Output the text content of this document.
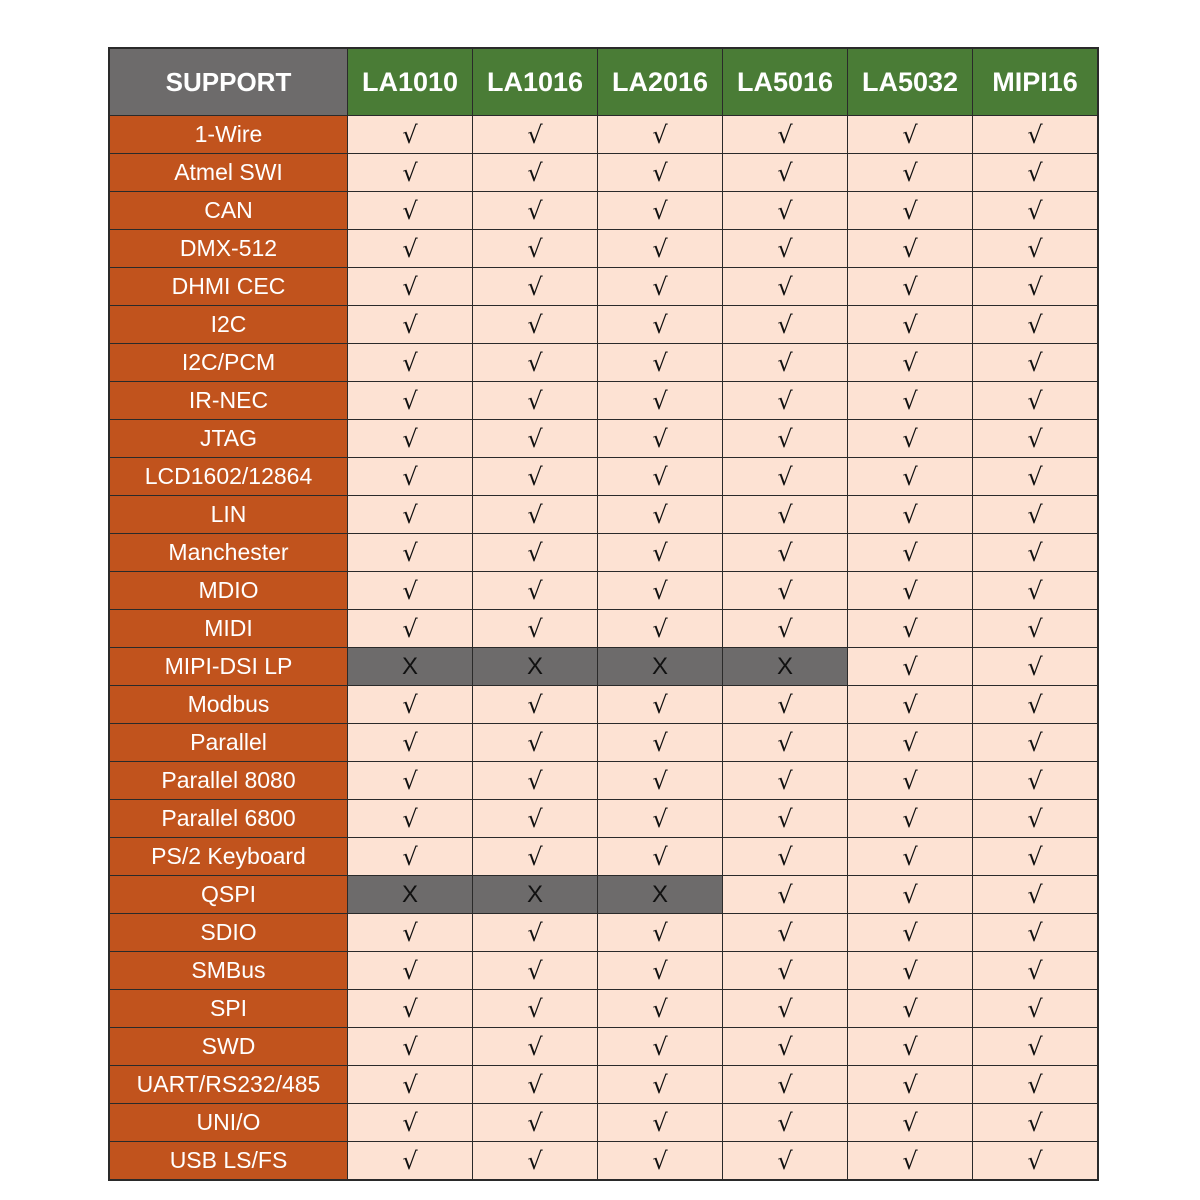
SUPPORT	LA1010	LA1016	LA2016	LA5016	LA5032	MIPI16
1-Wire	√	√	√	√	√	√
Atmel SWI	√	√	√	√	√	√
CAN	√	√	√	√	√	√
DMX-512	√	√	√	√	√	√
DHMI CEC	√	√	√	√	√	√
I2C	√	√	√	√	√	√
I2C/PCM	√	√	√	√	√	√
IR-NEC	√	√	√	√	√	√
JTAG	√	√	√	√	√	√
LCD1602/12864	√	√	√	√	√	√
LIN	√	√	√	√	√	√
Manchester	√	√	√	√	√	√
MDIO	√	√	√	√	√	√
MIDI	√	√	√	√	√	√
MIPI-DSI LP	X	X	X	X	√	√
Modbus	√	√	√	√	√	√
Parallel	√	√	√	√	√	√
Parallel 8080	√	√	√	√	√	√
Parallel 6800	√	√	√	√	√	√
PS/2 Keyboard	√	√	√	√	√	√
QSPI	X	X	X	√	√	√
SDIO	√	√	√	√	√	√
SMBus	√	√	√	√	√	√
SPI	√	√	√	√	√	√
SWD	√	√	√	√	√	√
UART/RS232/485	√	√	√	√	√	√
UNI/O	√	√	√	√	√	√
USB LS/FS	√	√	√	√	√	√
